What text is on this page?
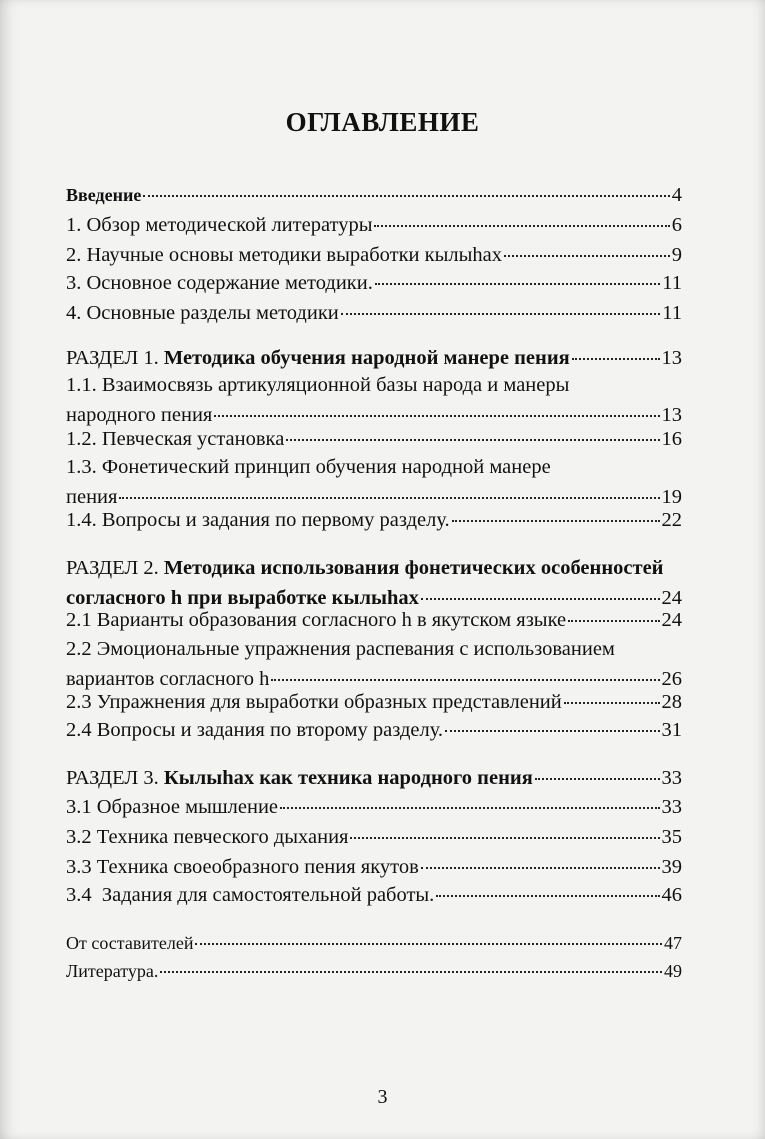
ОГЛАВЛЕНИЕ
Введение	4
1. Обзор методической литературы	6
2. Научные основы методики выработки кылыhах	9
3. Основное содержание методики.	11
4. Основные разделы методики	11
РАЗДЕЛ 1.
Методика обучения народной манере пения	13
1.1. Взаимосвязь артикуляционной базы народа и манеры
народного пения	13
1.2. Певческая установка	16
1.3. Фонетический принцип обучения народной манере
пения	19
1.4. Вопросы и задания по первому разделу.	22
РАЗДЕЛ 2.
Методика использования фонетических особенностей
согласного h при выработке кылыhах	24
2.1 Варианты образования согласного h в якутском языке	24
2.2 Эмоциональные упражнения распевания с использованием
вариантов согласного h	26
2.3 Упражнения для выработки образных представлений	28
2.4 Вопросы и задания по второму разделу.	31
РАЗДЕЛ 3.
Кылыhах как техника народного пения	33
3.1 Образное мышление	33
3.2 Техника певческого дыхания	35
3.3 Техника своеобразного пения якутов	39
3.4  Задания для самостоятельной работы.	46
От составителей	47
Литература.	49
3
